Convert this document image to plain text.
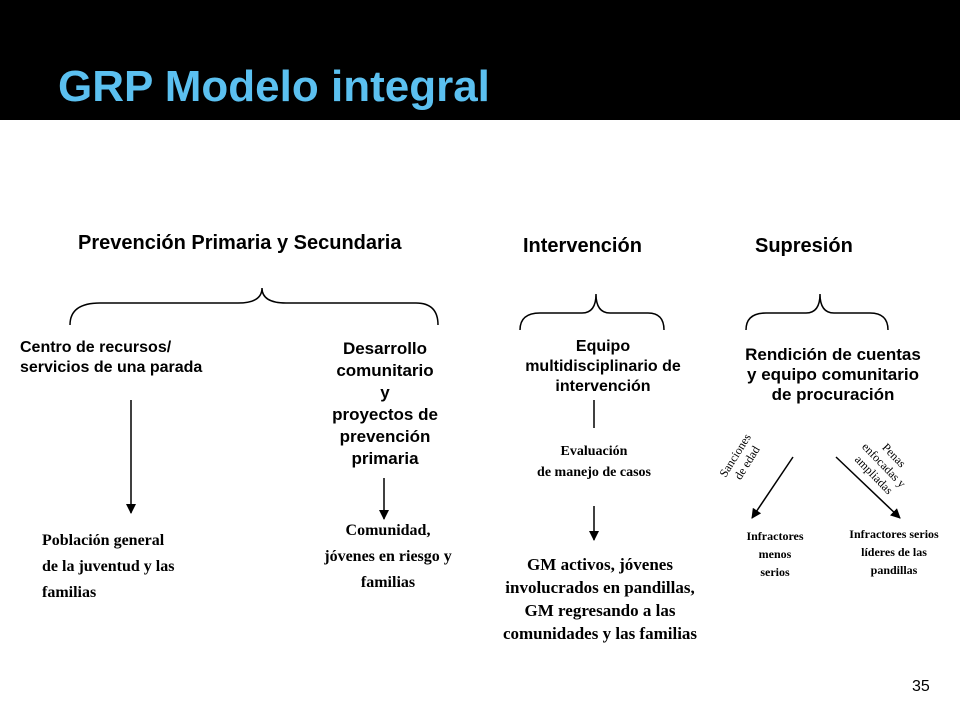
GRP Modelo integral
Prevención Primaria y Secundaria	Intervención	Supresión
Centro de recursos/
servicios de una parada
Desarrollo
comunitario
y
proyectos de
prevención
primaria
Equipo
multidisciplinario de
intervención
Rendición de cuentas
y equipo comunitario
de procuración
Evaluación
de manejo de casos
Población general
de la juventud y las
familias
Comunidad,
jóvenes en riesgo y
familias
GM activos, jóvenes
involucrados en pandillas,
GM regresando a las
comunidades y las familias
Sanciones
de edad	Penas
enfocadas y
ampliadas
Infractores
menos
serios
Infractores serios
líderes de las
pandillas
35
